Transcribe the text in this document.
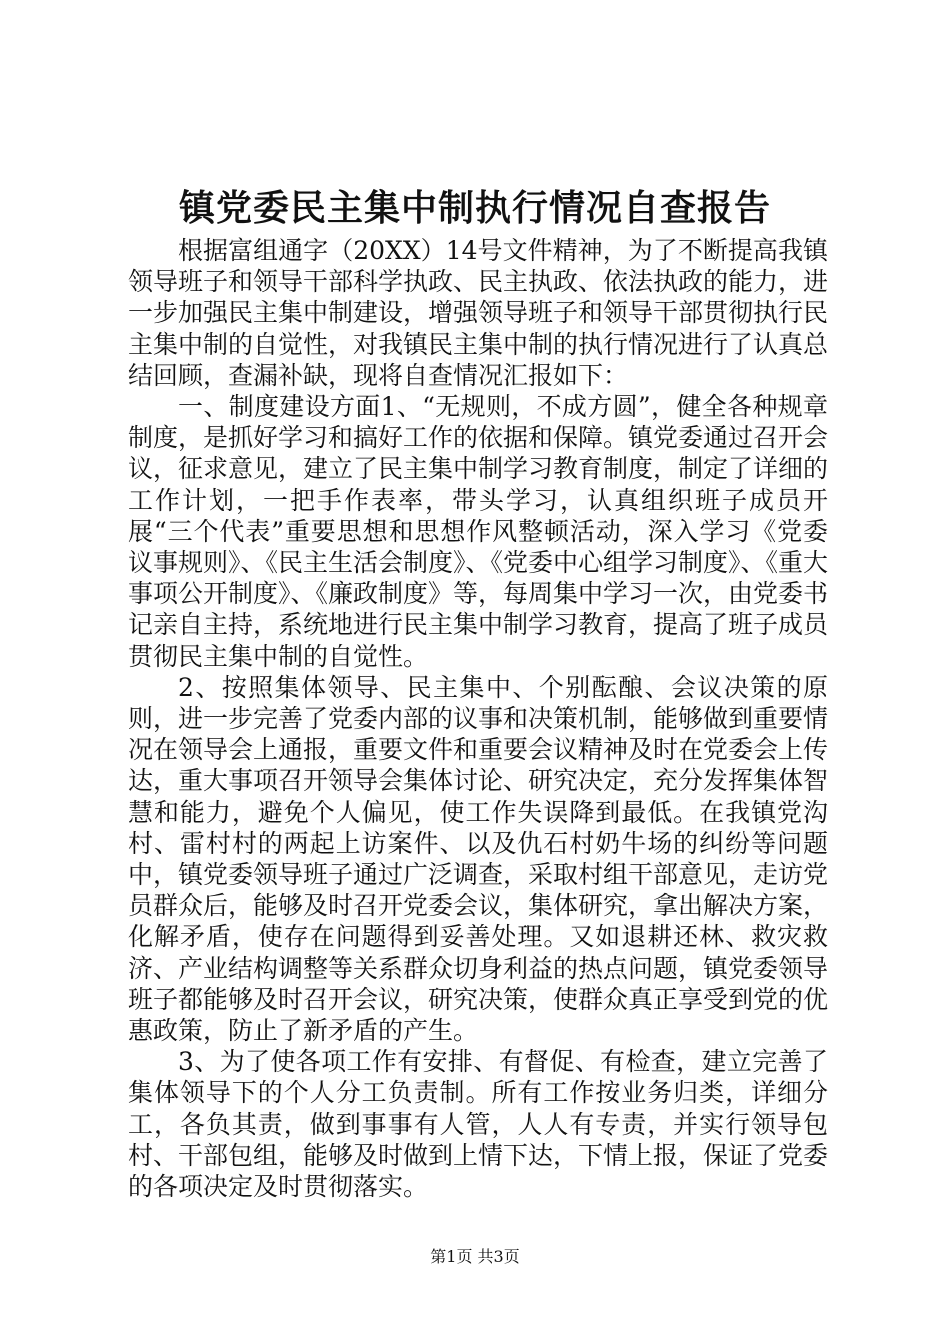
镇党委民主集中制执行情况自查报告

根据富组通字（20XX）14号文件精神，为了不断提高我镇领导班子和领导干部科学执政、民主执政、依法执政的能力，进一步加强民主集中制建设，增强领导班子和领导干部贯彻执行民主集中制的自觉性，对我镇民主集中制的执行情况进行了认真总结回顾，查漏补缺，现将自查情况汇报如下：

一、制度建设方面1、“无规则，不成方圆”，健全各种规章制度，是抓好学习和搞好工作的依据和保障。镇党委通过召开会议，征求意见，建立了民主集中制学习教育制度，制定了详细的工作计划，一把手作表率，带头学习，认真组织班子成员开展“三个代表”重要思想和思想作风整顿活动，深入学习《党委议事规则》、《民主生活会制度》、《党委中心组学习制度》、《重大事项公开制度》、《廉政制度》等，每周集中学习一次，由党委书记亲自主持，系统地进行民主集中制学习教育，提高了班子成员贯彻民主集中制的自觉性。

2、按照集体领导、民主集中、个别酝酿、会议决策的原则，进一步完善了党委内部的议事和决策机制，能够做到重要情况在领导会上通报，重要文件和重要会议精神及时在党委会上传达，重大事项召开领导会集体讨论、研究决定，充分发挥集体智慧和能力，避免个人偏见，使工作失误降到最低。在我镇党沟村、雷村村的两起上访案件、以及仇石村奶牛场的纠纷等问题中，镇党委领导班子通过广泛调查，采取村组干部意见，走访党员群众后，能够及时召开党委会议，集体研究，拿出解决方案，化解矛盾，使存在问题得到妥善处理。又如退耕还林、救灾救济、产业结构调整等关系群众切身利益的热点问题，镇党委领导班子都能够及时召开会议，研究决策，使群众真正享受到党的优惠政策，防止了新矛盾的产生。

3、为了使各项工作有安排、有督促、有检查，建立完善了集体领导下的个人分工负责制。所有工作按业务归类，详细分工，各负其责，做到事事有人管，人人有专责，并实行领导包村、干部包组，能够及时做到上情下达，下情上报，保证了党委的各项决定及时贯彻落实。

第1页 共3页
